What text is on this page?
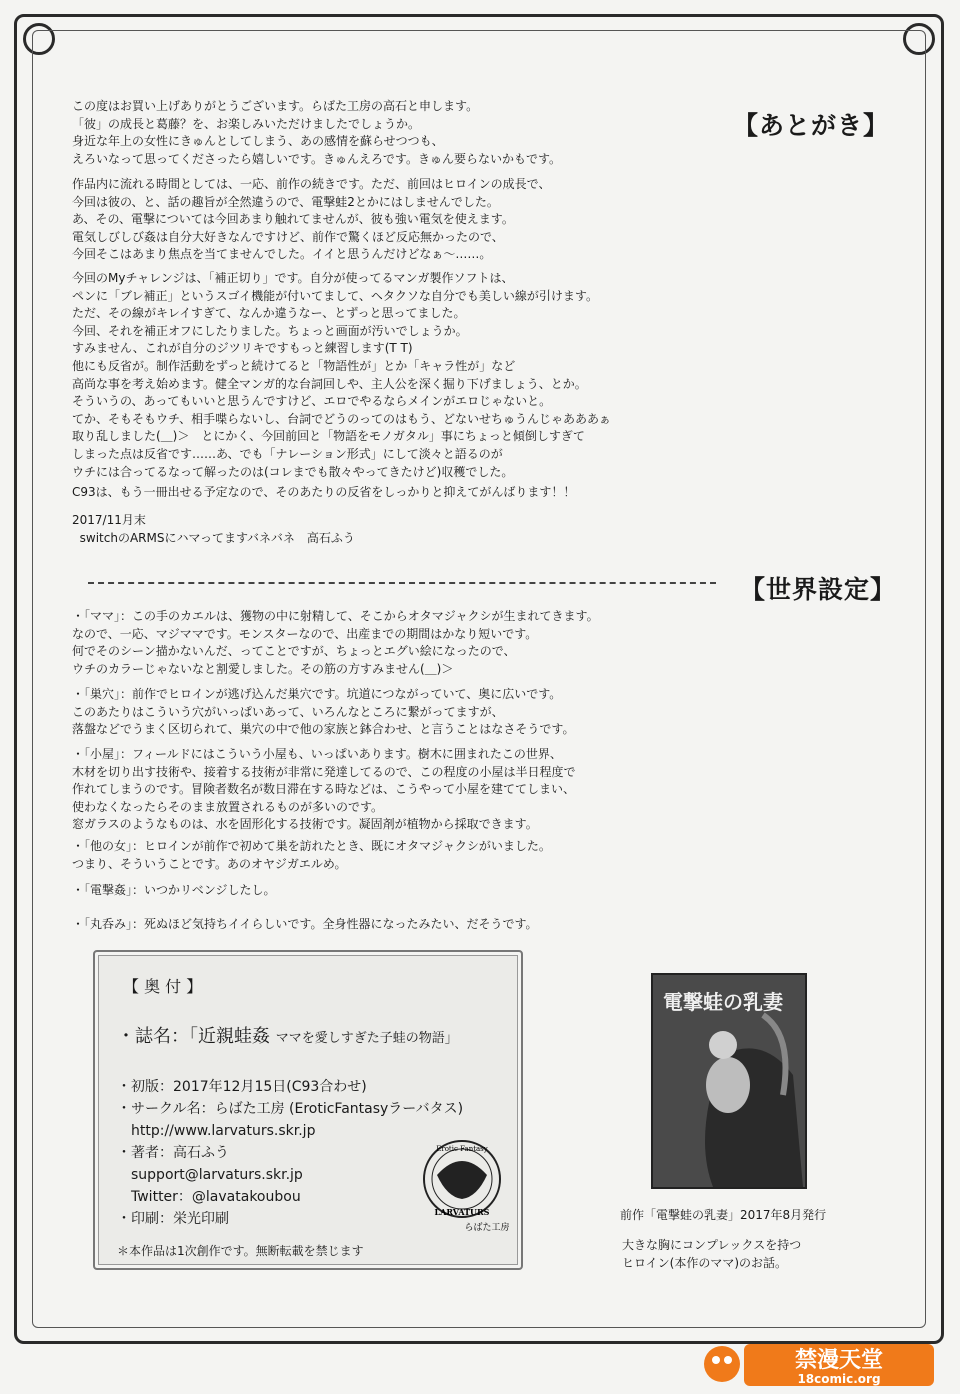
【あとがき】

この度はお買い上げありがとうございます。らばた工房の高石と申します。
「彼」の成長と葛藤？を、お楽しみいただけましたでしょうか。
身近な年上の女性にきゅんとしてしまう、あの感情を蘇らせつつも、
えろいなって思ってくださったら嬉しいです。きゅんえろです。きゅん要らないかもです。

作品内に流れる時間としては、一応、前作の続きです。ただ、前回はヒロインの成長で、
今回は彼の、と、話の趣旨が全然違うので、電撃蛙2とかにはしませんでした。
あ、その、電撃については今回あまり触れてませんが、彼も強い電気を使えます。
電気しびしび姦は自分大好きなんですけど、前作で驚くほど反応無かったので、
今回そこはあまり焦点を当てませんでした。イイと思うんだけどなぁ～……。

今回のMyチャレンジは、「補正切り」です。自分が使ってるマンガ製作ソフトは、
ペンに「ブレ補正」というスゴイ機能が付いてまして、ヘタクソな自分でも美しい線が引けます。
ただ、その線がキレイすぎて、なんか違うなー、とずっと思ってました。
今回、それを補正オフにしたりました。ちょっと画面が汚いでしょうか。
すみません、これが自分のジツリキですもっと練習します(T T)

他にも反省が。制作活動をずっと続けてると「物語性が」とか「キャラ性が」など
高尚な事を考え始めます。健全マンガ的な台詞回しや、主人公を深く掘り下げましょう、とか。
そういうの、あってもいいと思うんですけど、エロでやるならメインがエロじゃないと。
てか、そもそもウチ、相手喋らないし、台詞でどうのってのはもう、どないせちゅうんじゃあああぁ
取り乱しました(＿)＞　とにかく、今回前回と「物語をモノガタル」事にちょっと傾倒しすぎて
しまった点は反省です……あ、でも「ナレーション形式」にして淡々と語るのが
ウチには合ってるなって解ったのは(コレまでも散々やってきたけど)収穫でした。

C93は、もう一冊出せる予定なので、そのあたりの反省をしっかりと抑えてがんばります！！

2017/11月末
switchのARMSにハマってますバネバネ　高石ふう

【世界設定】

・「ママ」：この手のカエルは、獲物の中に射精して、そこからオタマジャクシが生まれてきます。
なので、一応、マジママです。モンスターなので、出産までの期間はかなり短いです。
何でそのシーン描かないんだ、ってことですが、ちょっとエグい絵になったので、
ウチのカラーじゃないなと割愛しました。その筋の方すみません(＿)＞

・「巣穴」：前作でヒロインが逃げ込んだ巣穴です。坑道につながっていて、奥に広いです。
このあたりはこういう穴がいっぱいあって、いろんなところに繋がってますが、
落盤などでうまく区切られて、巣穴の中で他の家族と鉢合わせ、と言うことはなさそうです。

・「小屋」：フィールドにはこういう小屋も、いっぱいあります。樹木に囲まれたこの世界、
木材を切り出す技術や、接着する技術が非常に発達してるので、この程度の小屋は半日程度で
作れてしまうのです。冒険者数名が数日滞在する時などは、こうやって小屋を建ててしまい、
使わなくなったらそのまま放置されるものが多いのです。
窓ガラスのようなものは、水を固形化する技術です。凝固剤が植物から採取できます。

・「他の女」：ヒロインが前作で初めて巣を訪れたとき、既にオタマジャクシがいました。
つまり、そういうことです。あのオヤジガエルめ。

・「電撃姦」：いつかリベンジしたし。

・「丸呑み」：死ぬほど気持ちイイらしいです。全身性器になったみたい、だそうです。

【 奥 付 】
・誌名：「近親蛙姦 ママを愛しすぎた子蛙の物語」
・初版：2017年12月15日(C93合わせ)
・サークル名：らばた工房 (EroticFantasyラーバタス)
　http://www.larvaturs.skr.jp
・著者：高石ふう
　support@larvaturs.skr.jp
　Twitter：@lavatakoubou
・印刷：栄光印刷
＊本作品は1次創作です。無断転載を禁じます
Erotic Fantasy
LARVATURS
らばた工房
電撃蛙の乳妻
前作「電撃蛙の乳妻」2017年8月発行
大きな胸にコンプレックスを持つ
ヒロイン(本作のママ)のお話。
禁漫天堂
18comic.org
